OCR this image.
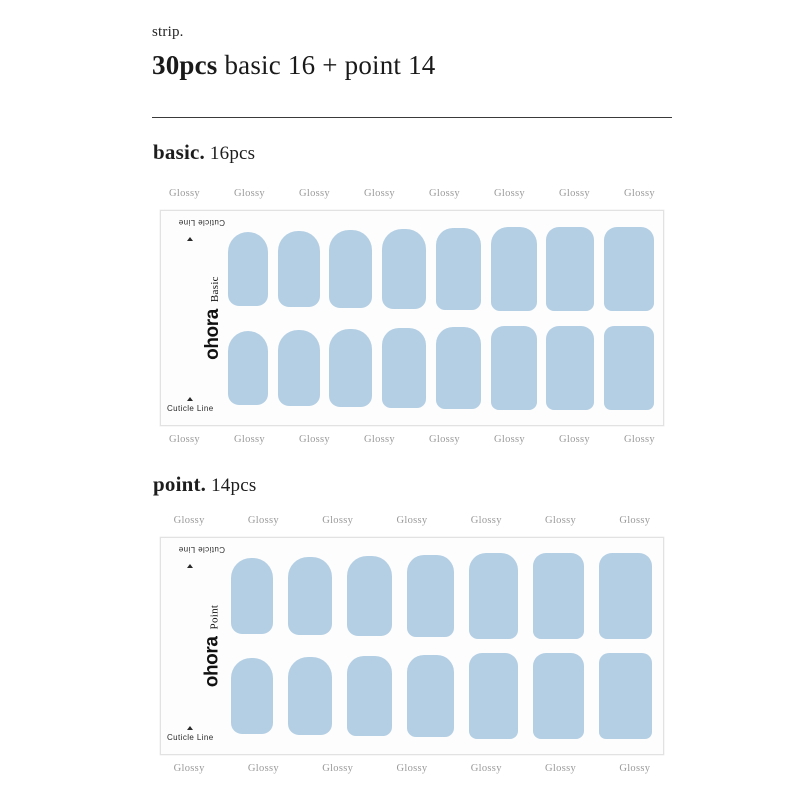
strip.
30pcs basic 16 + point 14
basic. 16pcs
Glossy	Glossy	Glossy	Glossy	Glossy	Glossy	Glossy	Glossy
Cuticle Line
ohora
Basic
Cuticle Line
Glossy	Glossy	Glossy	Glossy	Glossy	Glossy	Glossy	Glossy
point. 14pcs
Glossy	Glossy	Glossy	Glossy	Glossy	Glossy	Glossy
Cuticle Line
ohora
Point
Cuticle Line
Glossy	Glossy	Glossy	Glossy	Glossy	Glossy	Glossy
